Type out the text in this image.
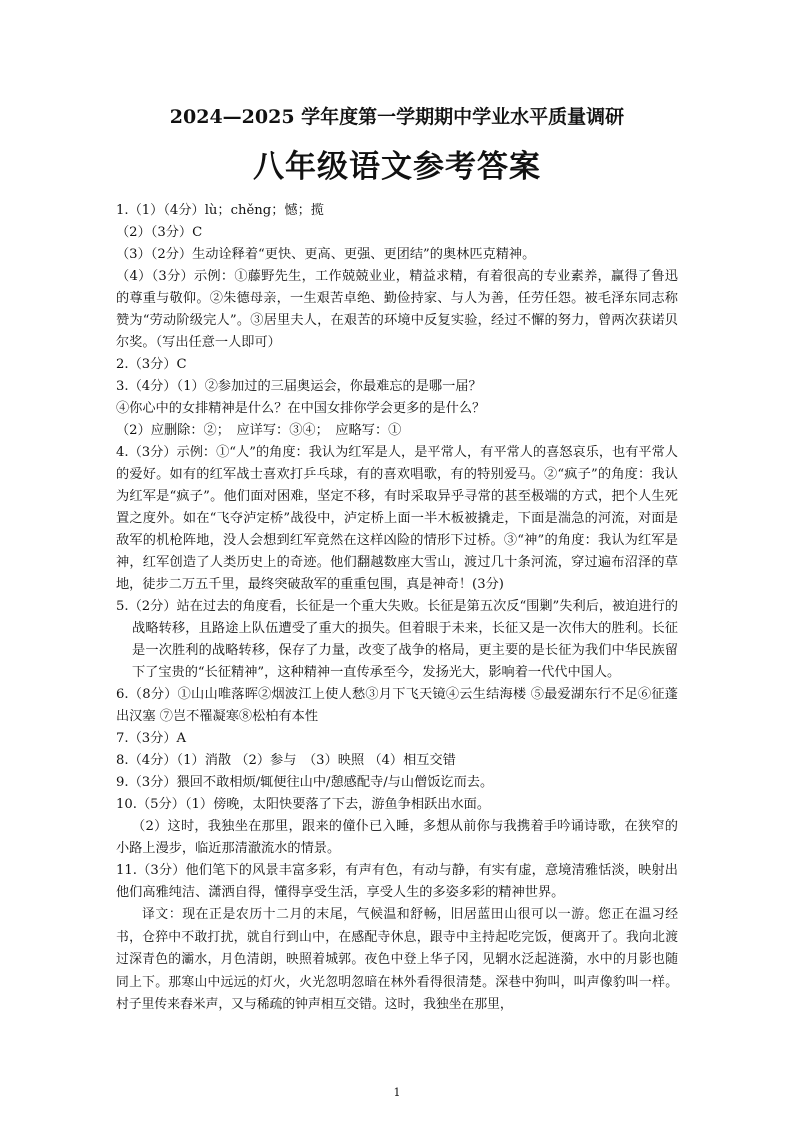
2024—2025 学年度第一学期期中学业水平质量调研
八年级语文参考答案

1.（1）（4分）lù；chěng；憾；揽

（2）（3分）C

（3）（2分）生动诠释着“更快、更高、更强、更团结”的奥林匹克精神。

（4）（3分）示例：①藤野先生，工作兢兢业业，精益求精，有着很高的专业素养，赢得了鲁迅的尊重与敬仰。②朱德母亲，一生艰苦卓绝、勤俭持家、与人为善，任劳任怨。被毛泽东同志称赞为“劳动阶级完人”。③居里夫人，在艰苦的环境中反复实验，经过不懈的努力，曾两次获诺贝尔奖。（写出任意一人即可）

2.（3分）C

3.（4分）（1）②参加过的三届奥运会，你最难忘的是哪一届？

④你心中的女排精神是什么？在中国女排你学会更多的是什么？

（2）应删除：②；　应详写：③④；　应略写：①

4.（3分）示例：①“人”的角度：我认为红军是人，是平常人，有平常人的喜怒哀乐，也有平常人的爱好。如有的红军战士喜欢打乒乓球，有的喜欢唱歌，有的特别爱马。②“疯子”的角度：我认为红军是“疯子”。他们面对困难，坚定不移，有时采取异乎寻常的甚至极端的方式，把个人生死置之度外。如在“飞夺泸定桥”战役中，泸定桥上面一半木板被撬走，下面是湍急的河流，对面是敌军的机枪阵地，没人会想到红军竟然在这样凶险的情形下过桥。③“神”的角度：我认为红军是神，红军创造了人类历史上的奇迹。他们翻越数座大雪山，渡过几十条河流，穿过遍布沼泽的草地，徒步二万五千里，最终突破敌军的重重包围，真是神奇！(3分)

5.（2分）站在过去的角度看，长征是一个重大失败。长征是第五次反“围剿”失利后，被迫进行的战略转移，且路途上队伍遭受了重大的损失。但着眼于未来，长征又是一次伟大的胜利。长征是一次胜利的战略转移，保存了力量，改变了战争的格局，更主要的是长征为我们中华民族留下了宝贵的“长征精神”，这种精神一直传承至今，发扬光大，影响着一代代中国人。

6.（8分）①山山唯落晖②烟波江上使人愁③月下飞天镜④云生结海楼 ⑤最爱湖东行不足⑥征蓬出汉塞 ⑦岂不罹凝寒⑧松柏有本性

7.（3分）A

8.（4分）（1）消散 （2）参与　（3）映照 （4）相互交错

9.（3分）猥回不敢相烦/辄便往山中/憩感配寺/与山僧饭讫而去。

10.（5分）（1）傍晚，太阳快要落了下去，游鱼争相跃出水面。

（2）这时，我独坐在那里，跟来的僮仆已入睡，多想从前你与我携着手吟诵诗歌，在狭窄的小路上漫步，临近那清澈流水的情景。

11.（3分）他们笔下的风景丰富多彩，有声有色，有动与静，有实有虚，意境清雅恬淡，映射出他们高雅纯洁、潇洒自得，懂得享受生活，享受人生的多姿多彩的精神世界。

译文：现在正是农历十二月的末尾，气候温和舒畅，旧居蓝田山很可以一游。您正在温习经书，仓猝中不敢打扰，就自行到山中，在感配寺休息，跟寺中主持起吃完饭，便离开了。我向北渡过深青色的灞水，月色清朗，映照着城郭。夜色中登上华子冈，见辋水泛起涟漪，水中的月影也随同上下。那寒山中远远的灯火，火光忽明忽暗在林外看得很清楚。深巷中狗叫，叫声像豹叫一样。村子里传来舂米声，又与稀疏的钟声相互交错。这时，我独坐在那里，

1
